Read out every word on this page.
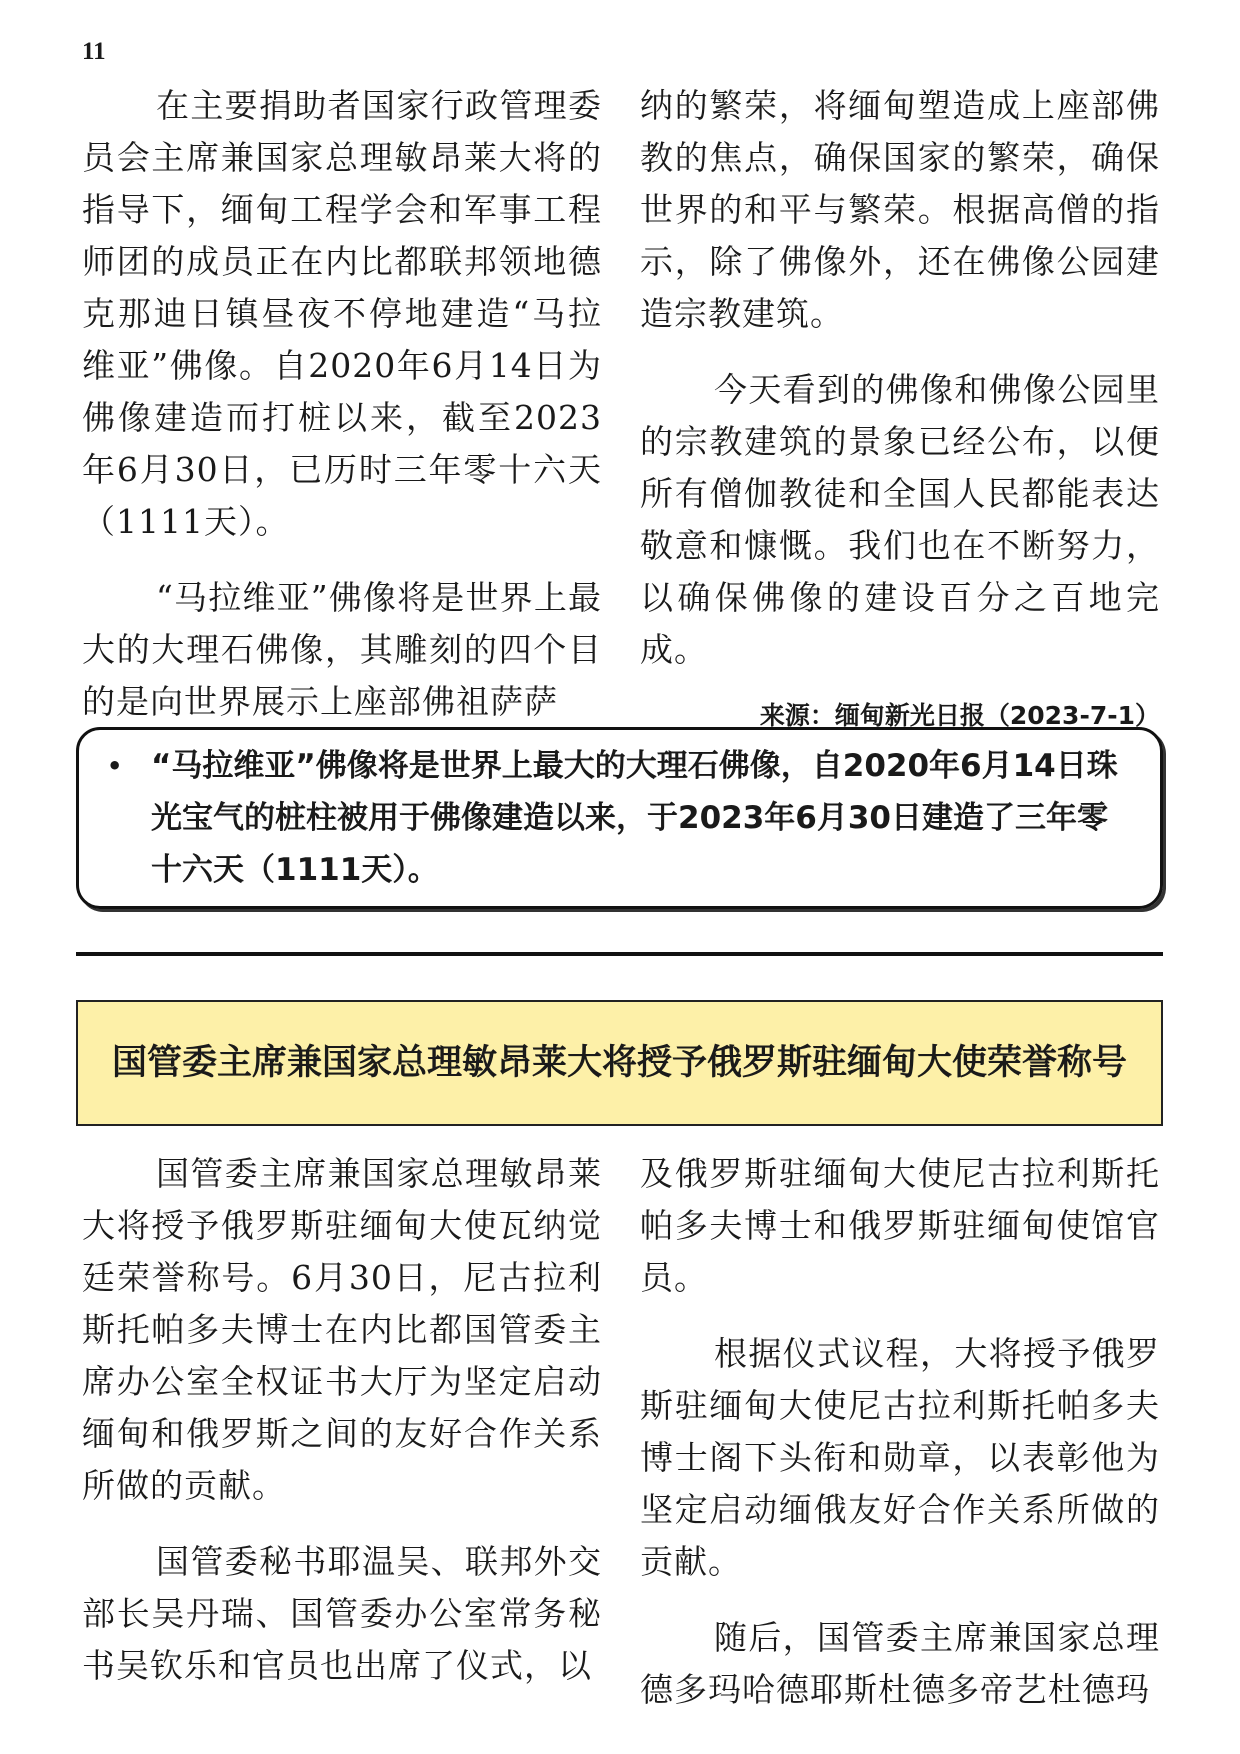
11

在主要捐助者国家行政管理委员会主席兼国家总理敏昂莱大将的指导下，缅甸工程学会和军事工程师团的成员正在内比都联邦领地德克那迪日镇昼夜不停地建造“马拉维亚”佛像。自2020年6月14日为佛像建造而打桩以来，截至2023年6月30日，已历时三年零十六天（1111天）。

“马拉维亚”佛像将是世界上最大的大理石佛像，其雕刻的四个目的是向世界展示上座部佛祖萨萨

纳的繁荣，将缅甸塑造成上座部佛教的焦点，确保国家的繁荣，确保世界的和平与繁荣。根据高僧的指示，除了佛像外，还在佛像公园建造宗教建筑。

今天看到的佛像和佛像公园里的宗教建筑的景象已经公布，以便所有僧伽教徒和全国人民都能表达敬意和慷慨。我们也在不断努力，以确保佛像的建设百分之百地完成。

来源：缅甸新光日报（2023-7-1）
• “马拉维亚”佛像将是世界上最大的大理石佛像，自2020年6月14日珠光宝气的桩柱被用于佛像建造以来，于2023年6月30日建造了三年零十六天（1111天）。
国管委主席兼国家总理敏昂莱大将授予俄罗斯驻缅甸大使荣誉称号

国管委主席兼国家总理敏昂莱大将授予俄罗斯驻缅甸大使瓦纳觉廷荣誉称号。6月30日，尼古拉利斯托帕多夫博士在内比都国管委主席办公室全权证书大厅为坚定启动缅甸和俄罗斯之间的友好合作关系所做的贡献。

国管委秘书耶温吴、联邦外交部长吴丹瑞、国管委办公室常务秘书吴钦乐和官员也出席了仪式，以

及俄罗斯驻缅甸大使尼古拉利斯托帕多夫博士和俄罗斯驻缅甸使馆官员。

根据仪式议程，大将授予俄罗斯驻缅甸大使尼古拉利斯托帕多夫博士阁下头衔和勋章，以表彰他为坚定启动缅俄友好合作关系所做的贡献。

随后，国管委主席兼国家总理德多玛哈德耶斯杜德多帝艺杜德玛
